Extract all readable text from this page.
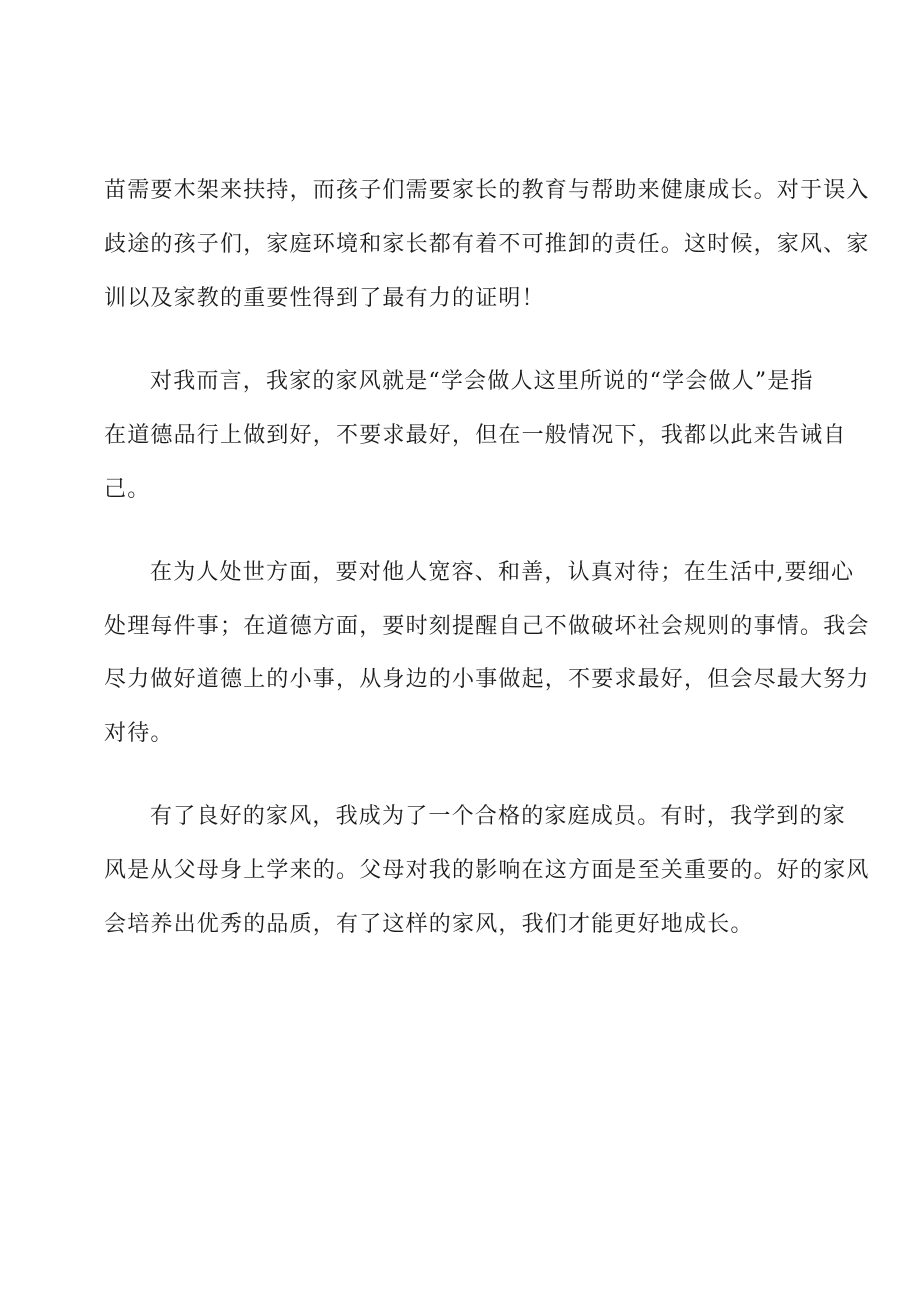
苗需要木架来扶持，而孩子们需要家长的教育与帮助来健康成长。对于误入
歧途的孩子们，家庭环境和家长都有着不可推卸的责任。这时候，家风、家
训以及家教的重要性得到了最有力的证明！
对我而言，我家的家风就是“学会做人这里所说的“学会做人”是指
在道德品行上做到好，不要求最好，但在一般情况下，我都以此来告诫自
己。
在为人处世方面，要对他人宽容、和善，认真对待；在生活中,要细心
处理每件事；在道德方面，要时刻提醒自己不做破坏社会规则的事情。我会
尽力做好道德上的小事，从身边的小事做起，不要求最好，但会尽最大努力
对待。
有了良好的家风，我成为了一个合格的家庭成员。有时，我学到的家
风是从父母身上学来的。父母对我的影响在这方面是至关重要的。好的家风
会培养出优秀的品质，有了这样的家风，我们才能更好地成长。
